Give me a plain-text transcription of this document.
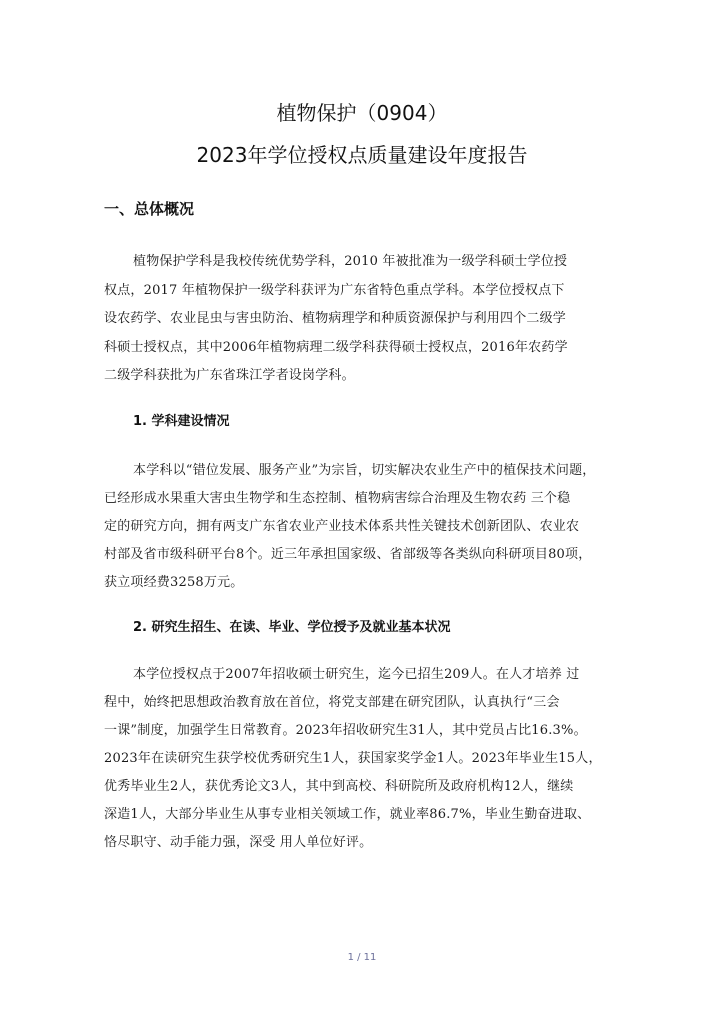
植物保护（0904）
2023年学位授权点质量建设年度报告
一、总体概况
植物保护学科是我校传统优势学科，2010 年被批准为一级学科硕士学位授
权点，2017 年植物保护一级学科获评为广东省特色重点学科。本学位授权点下
设农药学、农业昆虫与害虫防治、植物病理学和种质资源保护与利用四个二级学
科硕士授权点，其中2006年植物病理二级学科获得硕士授权点，2016年农药学
二级学科获批为广东省珠江学者设岗学科。
1. 学科建设情况
本学科以“错位发展、服务产业”为宗旨，切实解决农业生产中的植保技术问题，
已经形成水果重大害虫生物学和生态控制、植物病害综合治理及生物农药 三个稳
定的研究方向，拥有两支广东省农业产业技术体系共性关键技术创新团队、农业农
村部及省市级科研平台8个。近三年承担国家级、省部级等各类纵向科研项目80项，
获立项经费3258万元。
2. 研究生招生、在读、毕业、学位授予及就业基本状况
本学位授权点于2007年招收硕士研究生，迄今已招生209人。在人才培养 过
程中，始终把思想政治教育放在首位，将党支部建在研究团队，认真执行“三会
一课”制度，加强学生日常教育。2023年招收研究生31人，其中党员占比16.3%。
2023年在读研究生获学校优秀研究生1人，获国家奖学金1人。2023年毕业生15人，
优秀毕业生2人，获优秀论文3人，其中到高校、科研院所及政府机构12人，继续
深造1人，大部分毕业生从事专业相关领域工作，就业率86.7%，毕业生勤奋进取、
恪尽职守、动手能力强，深受 用人单位好评。
1 / 11
